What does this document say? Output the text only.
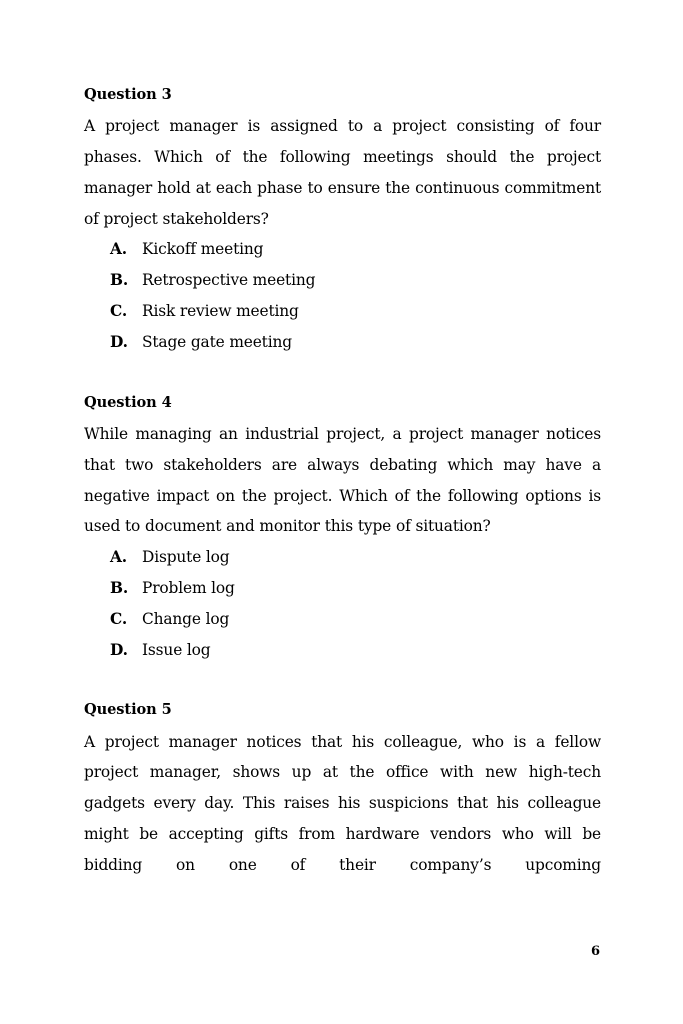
Question 3

A project manager is assigned to a project consisting of four phases. Which of the following meetings should the project manager hold at each phase to ensure the continuous commitment of project stakeholders?

A. Kickoff meeting
B. Retrospective meeting
C. Risk review meeting
D. Stage gate meeting
Question 4

While managing an industrial project, a project manager notices that two stakeholders are always debating which may have a negative impact on the project. Which of the following options is used to document and monitor this type of situation?

A. Dispute log
B. Problem log
C. Change log
D. Issue log
Question 5

A project manager notices that his colleague, who is a fellow project manager, shows up at the office with new high-tech gadgets every day. This raises his suspicions that his colleague might be accepting gifts from hardware vendors who will be bidding on one of their company’s upcoming

6
